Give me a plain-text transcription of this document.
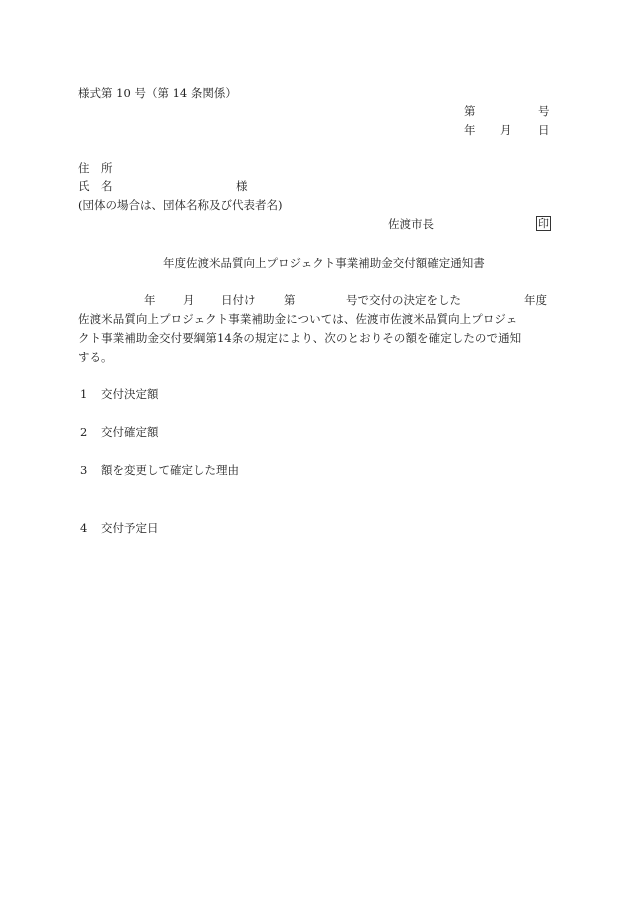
様式第 10 号（第 14 条関係）
第	号
年 月 日
住　所
氏　名	様
(団体の場合は、団体名称及び代表者名)
佐渡市長	印
年度佐渡米品質向上プロジェクト事業補助金交付額確定通知書
年 月 日付け 第	号で交付の決定をした	年度
佐渡米品質向上プロジェクト事業補助金については、佐渡市佐渡米品質向上プロジェ
クト事業補助金交付要綱第14条の規定により、次のとおりその額を確定したので通知
する。
1 交付決定額
2 交付確定額
3 額を変更して確定した理由
4 交付予定日
